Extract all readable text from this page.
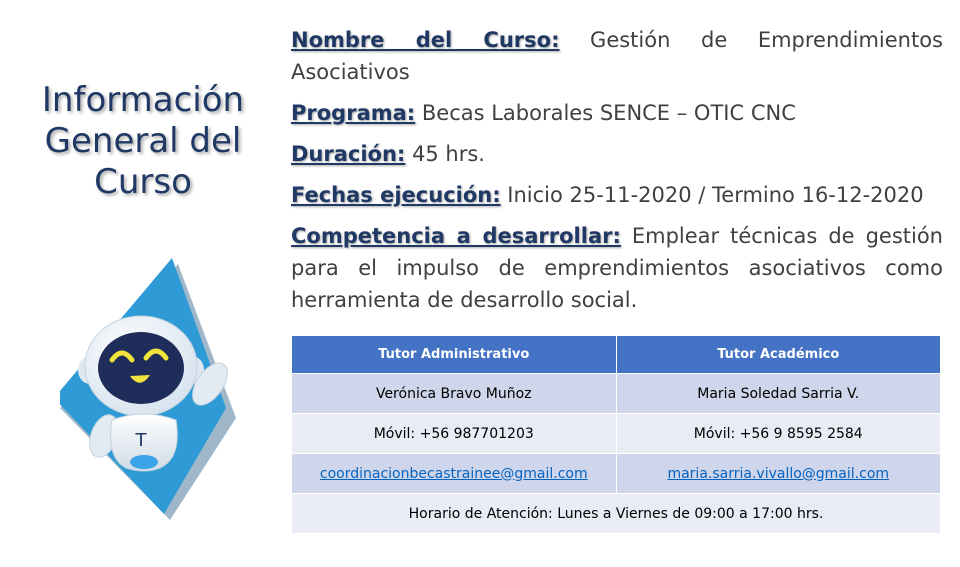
Información
General del
Curso
T

Nombre del Curso: Gestión de Emprendimientos Asociativos

Programa: Becas Laborales SENCE – OTIC CNC

Duración: 45 hrs.

Fechas ejecución: Inicio 25-11-2020 / Termino 16-12-2020

Competencia a desarrollar: Emplear técnicas de gestión para el impulso de emprendimientos asociativos como herramienta de desarrollo social.

Tutor Administrativo	Tutor Académico
Verónica Bravo Muñoz	Maria Soledad Sarria V.
Móvil: +56 987701203	Móvil: +56 9 8595 2584
coordinacionbecastrainee@gmail.com	maria.sarria.vivallo@gmail.com
Horario de Atención: Lunes a Viernes de 09:00 a 17:00 hrs.	
